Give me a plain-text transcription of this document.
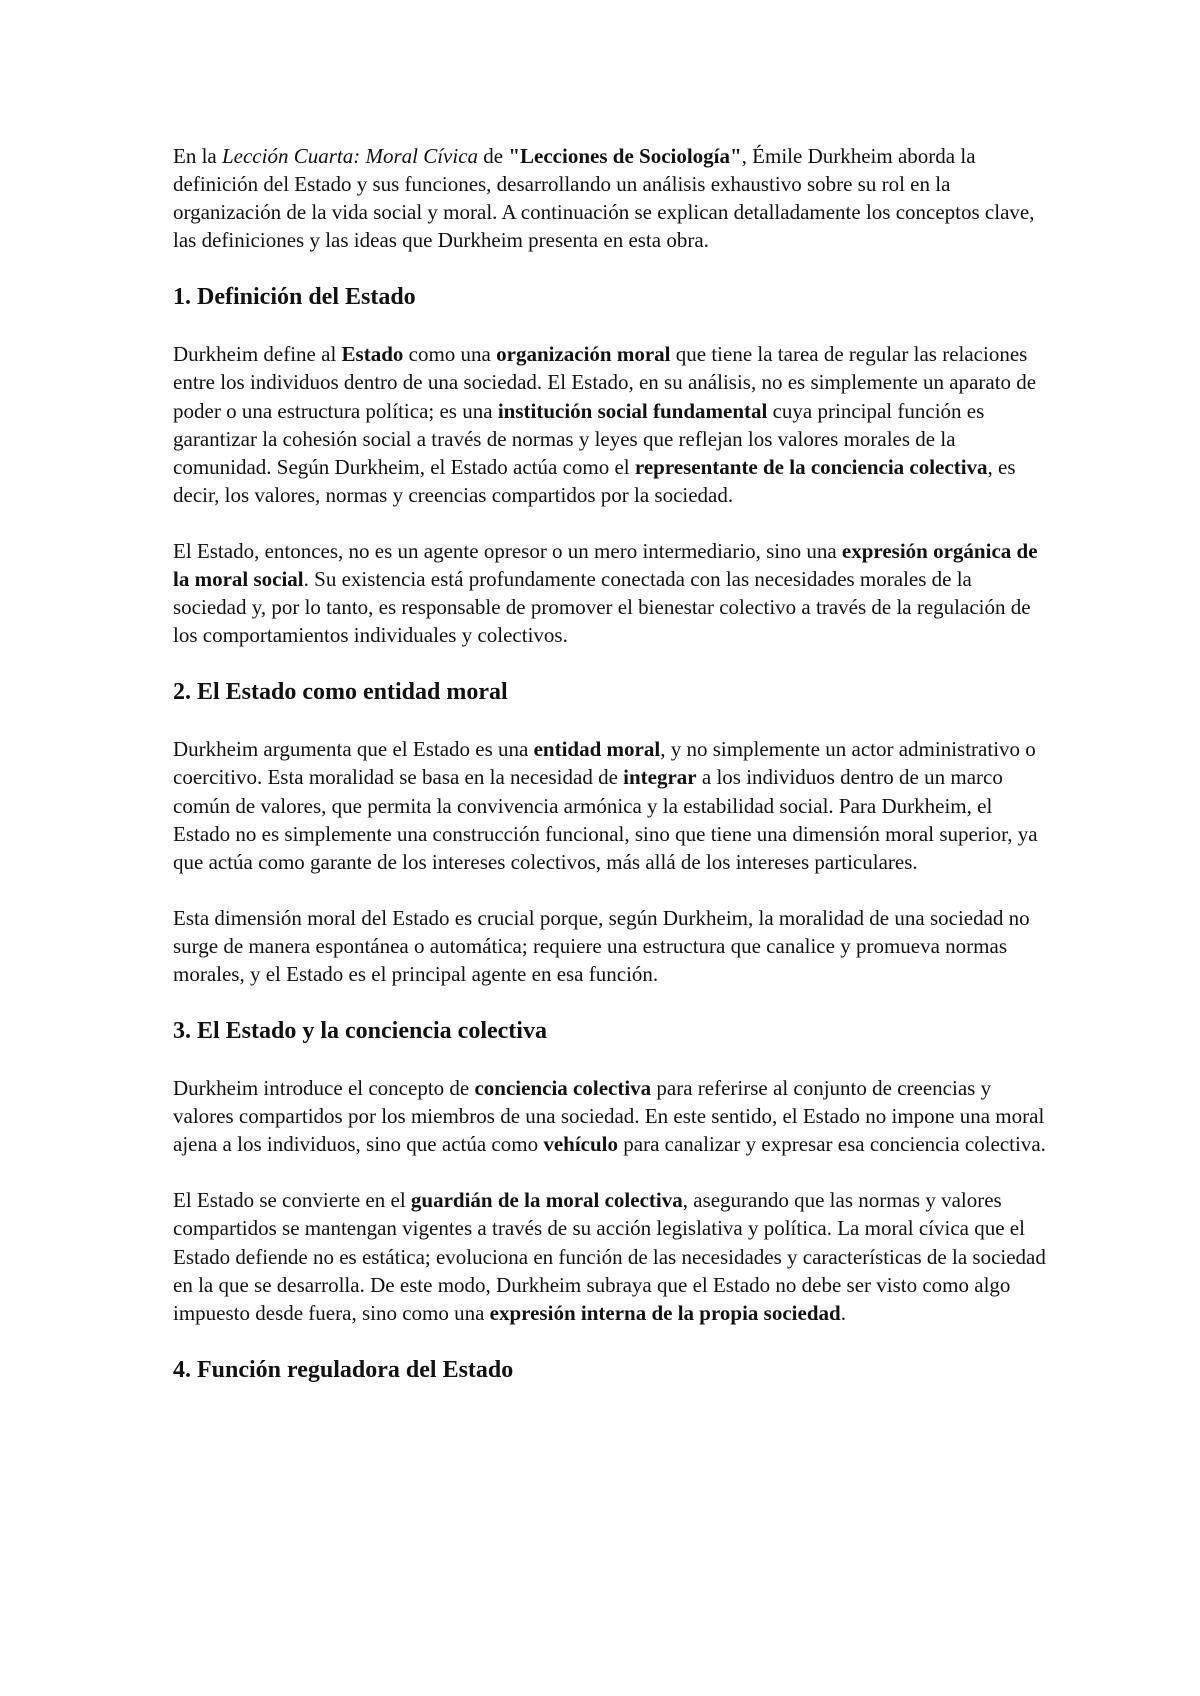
En la Lección Cuarta: Moral Cívica de "Lecciones de Sociología", Émile Durkheim aborda la definición del Estado y sus funciones, desarrollando un análisis exhaustivo sobre su rol en la organización de la vida social y moral. A continuación se explican detalladamente los conceptos clave, las definiciones y las ideas que Durkheim presenta en esta obra.

1. Definición del Estado

Durkheim define al Estado como una organización moral que tiene la tarea de regular las relaciones entre los individuos dentro de una sociedad. El Estado, en su análisis, no es simplemente un aparato de poder o una estructura política; es una institución social fundamental cuya principal función es garantizar la cohesión social a través de normas y leyes que reflejan los valores morales de la comunidad. Según Durkheim, el Estado actúa como el representante de la conciencia colectiva, es decir, los valores, normas y creencias compartidos por la sociedad.

El Estado, entonces, no es un agente opresor o un mero intermediario, sino una expresión orgánica de la moral social. Su existencia está profundamente conectada con las necesidades morales de la sociedad y, por lo tanto, es responsable de promover el bienestar colectivo a través de la regulación de los comportamientos individuales y colectivos.

2. El Estado como entidad moral

Durkheim argumenta que el Estado es una entidad moral, y no simplemente un actor administrativo o coercitivo. Esta moralidad se basa en la necesidad de integrar a los individuos dentro de un marco común de valores, que permita la convivencia armónica y la estabilidad social. Para Durkheim, el Estado no es simplemente una construcción funcional, sino que tiene una dimensión moral superior, ya que actúa como garante de los intereses colectivos, más allá de los intereses particulares.

Esta dimensión moral del Estado es crucial porque, según Durkheim, la moralidad de una sociedad no surge de manera espontánea o automática; requiere una estructura que canalice y promueva normas morales, y el Estado es el principal agente en esa función.

3. El Estado y la conciencia colectiva

Durkheim introduce el concepto de conciencia colectiva para referirse al conjunto de creencias y valores compartidos por los miembros de una sociedad. En este sentido, el Estado no impone una moral ajena a los individuos, sino que actúa como vehículo para canalizar y expresar esa conciencia colectiva.

El Estado se convierte en el guardián de la moral colectiva, asegurando que las normas y valores compartidos se mantengan vigentes a través de su acción legislativa y política. La moral cívica que el Estado defiende no es estática; evoluciona en función de las necesidades y características de la sociedad en la que se desarrolla. De este modo, Durkheim subraya que el Estado no debe ser visto como algo impuesto desde fuera, sino como una expresión interna de la propia sociedad.

4. Función reguladora del Estado
